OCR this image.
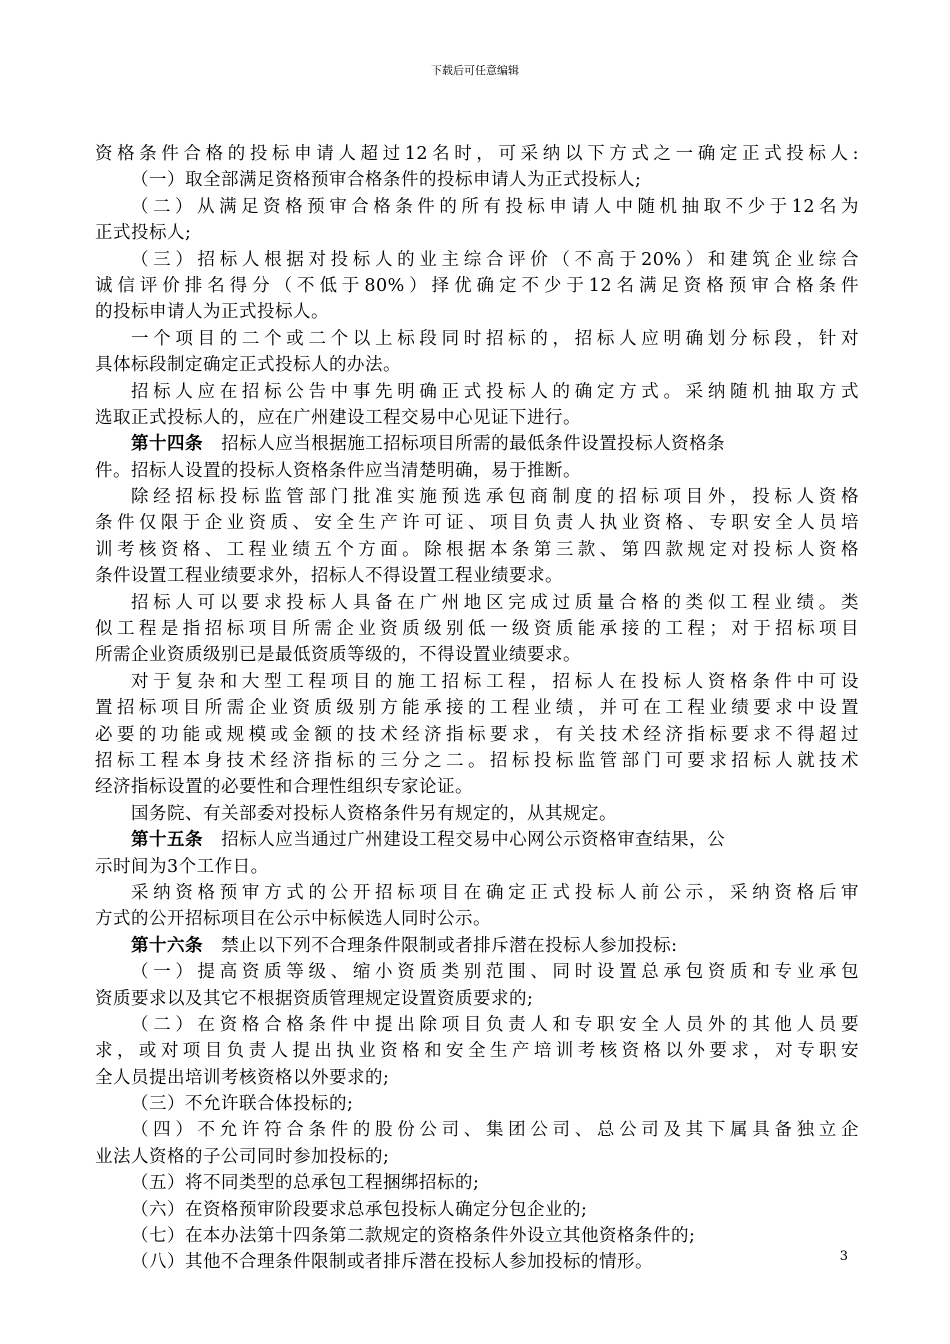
下载后可任意编辑
资格条件合格的投标申请人超过12名时，可采纳以下方式之一确定正式投标人:
（一）取全部满足资格预审合格条件的投标申请人为正式投标人;
（二）从满足资格预审合格条件的所有投标申请人中随机抽取不少于12名为
正式投标人;
（三）招标人根据对投标人的业主综合评价（不高于20%）和建筑企业综合
诚信评价排名得分（不低于80%）择优确定不少于12名满足资格预审合格条件
的投标申请人为正式投标人。
一个项目的二个或二个以上标段同时招标的，招标人应明确划分标段，针对
具体标段制定确定正式投标人的办法。
招标人应在招标公告中事先明确正式投标人的确定方式。采纳随机抽取方式
选取正式投标人的，应在广州建设工程交易中心见证下进行。
第十四条   招标人应当根据施工招标项目所需的最低条件设置投标人资格条
件。招标人设置的投标人资格条件应当清楚明确，易于推断。
除经招标投标监管部门批准实施预选承包商制度的招标项目外，投标人资格
条件仅限于企业资质、安全生产许可证、项目负责人执业资格、专职安全人员培
训考核资格、工程业绩五个方面。除根据本条第三款、第四款规定对投标人资格
条件设置工程业绩要求外，招标人不得设置工程业绩要求。
招标人可以要求投标人具备在广州地区完成过质量合格的类似工程业绩。类
似工程是指招标项目所需企业资质级别低一级资质能承接的工程；对于招标项目
所需企业资质级别已是最低资质等级的，不得设置业绩要求。
对于复杂和大型工程项目的施工招标工程，招标人在投标人资格条件中可设
置招标项目所需企业资质级别方能承接的工程业绩，并可在工程业绩要求中设置
必要的功能或规模或金额的技术经济指标要求，有关技术经济指标要求不得超过
招标工程本身技术经济指标的三分之二。招标投标监管部门可要求招标人就技术
经济指标设置的必要性和合理性组织专家论证。
国务院、有关部委对投标人资格条件另有规定的，从其规定。
第十五条   招标人应当通过广州建设工程交易中心网公示资格审查结果，公
示时间为3个工作日。
采纳资格预审方式的公开招标项目在确定正式投标人前公示，采纳资格后审
方式的公开招标项目在公示中标候选人同时公示。
第十六条   禁止以下列不合理条件限制或者排斥潜在投标人参加投标:
（一）提高资质等级、缩小资质类别范围、同时设置总承包资质和专业承包
资质要求以及其它不根据资质管理规定设置资质要求的;
（二）在资格合格条件中提出除项目负责人和专职安全人员外的其他人员要
求，或对项目负责人提出执业资格和安全生产培训考核资格以外要求，对专职安
全人员提出培训考核资格以外要求的;
（三）不允许联合体投标的;
（四）不允许符合条件的股份公司、集团公司、总公司及其下属具备独立企
业法人资格的子公司同时参加投标的;
（五）将不同类型的总承包工程捆绑招标的;
（六）在资格预审阶段要求总承包投标人确定分包企业的;
（七）在本办法第十四条第二款规定的资格条件外设立其他资格条件的;
（八）其他不合理条件限制或者排斥潜在投标人参加投标的情形。	3
